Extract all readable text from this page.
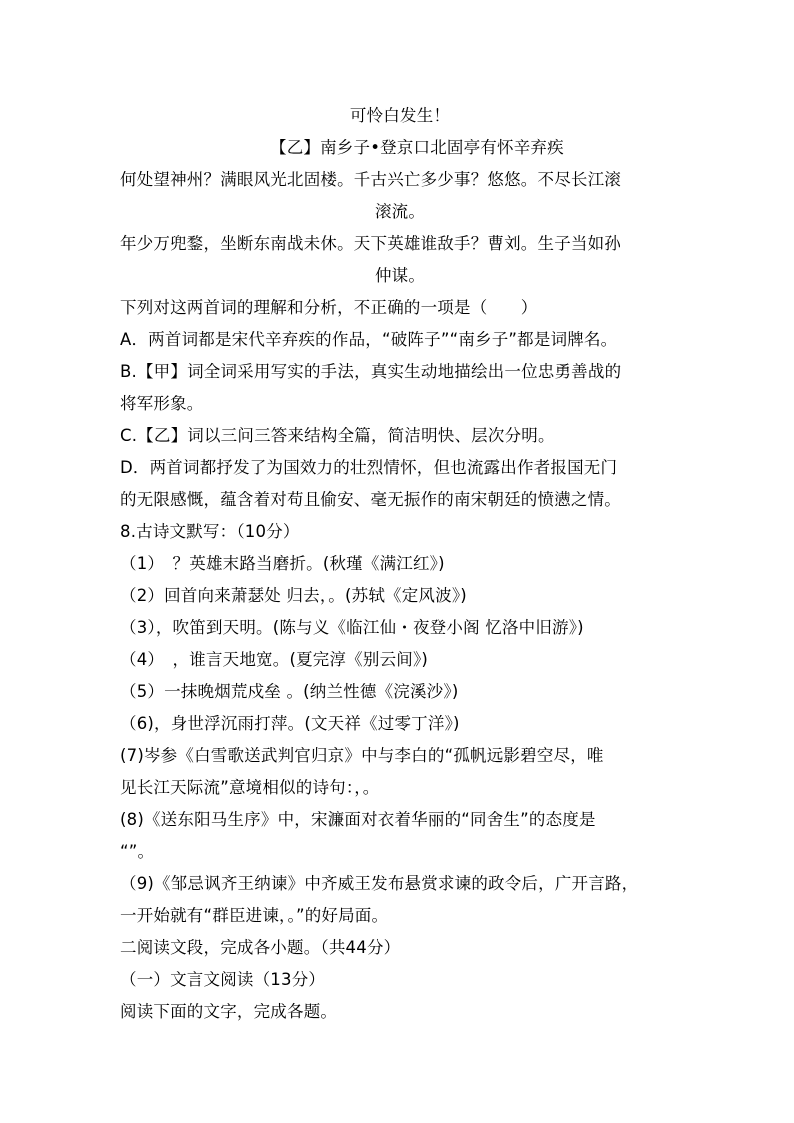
可怜白发生！
【乙】南乡子•登京口北固亭有怀辛弃疾
何处望神州？满眼风光北固楼。千古兴亡多少事？悠悠。不尽长江滚
滚流。
年少万兜鍪，坐断东南战未休。天下英雄谁敌手？曹刘。生子当如孙
仲谋。
下列对这两首词的理解和分析，不正确的一项是（　　）
A．两首词都是宋代辛弃疾的作品，“破阵子”“南乡子”都是词牌名。
B.【甲】词全词采用写实的手法，真实生动地描绘出一位忠勇善战的
将军形象。
C.【乙】词以三问三答来结构全篇，简洁明快、层次分明。
D．两首词都抒发了为国效力的壮烈情怀，但也流露出作者报国无门
的无限感慨，蕴含着对苟且偷安、毫无振作的南宋朝廷的愤懑之情。
8.古诗文默写：（10分）
（1）　？英雄末路当磨折。(秋瑾《满江红》)
（2）回首向来萧瑟处 归去，。(苏轼《定风波》)
（3），吹笛到天明。(陈与义《临江仙・夜登小阁 忆洛中旧游》)
（4）　，谁言天地宽。(夏完淳《别云间》)
（5）一抹晚烟荒戍垒 。(纳兰性德《浣溪沙》)
（6)，身世浮沉雨打萍。(文天祥《过零丁洋》)
(7)岑参《白雪歌送武判官归京》中与李白的“孤帆远影碧空尽，唯
见长江天际流”意境相似的诗句：，。
(8)《送东阳马生序》中，宋濂面对衣着华丽的“同舍生”的态度是
“”。
（9)《邹忌讽齐王纳谏》中齐威王发布悬赏求谏的政令后，广开言路，
一开始就有“群臣进谏，。”的好局面。
二阅读文段，完成各小题。（共44分）
（一）文言文阅读（13分）
阅读下面的文字，完成各题。
